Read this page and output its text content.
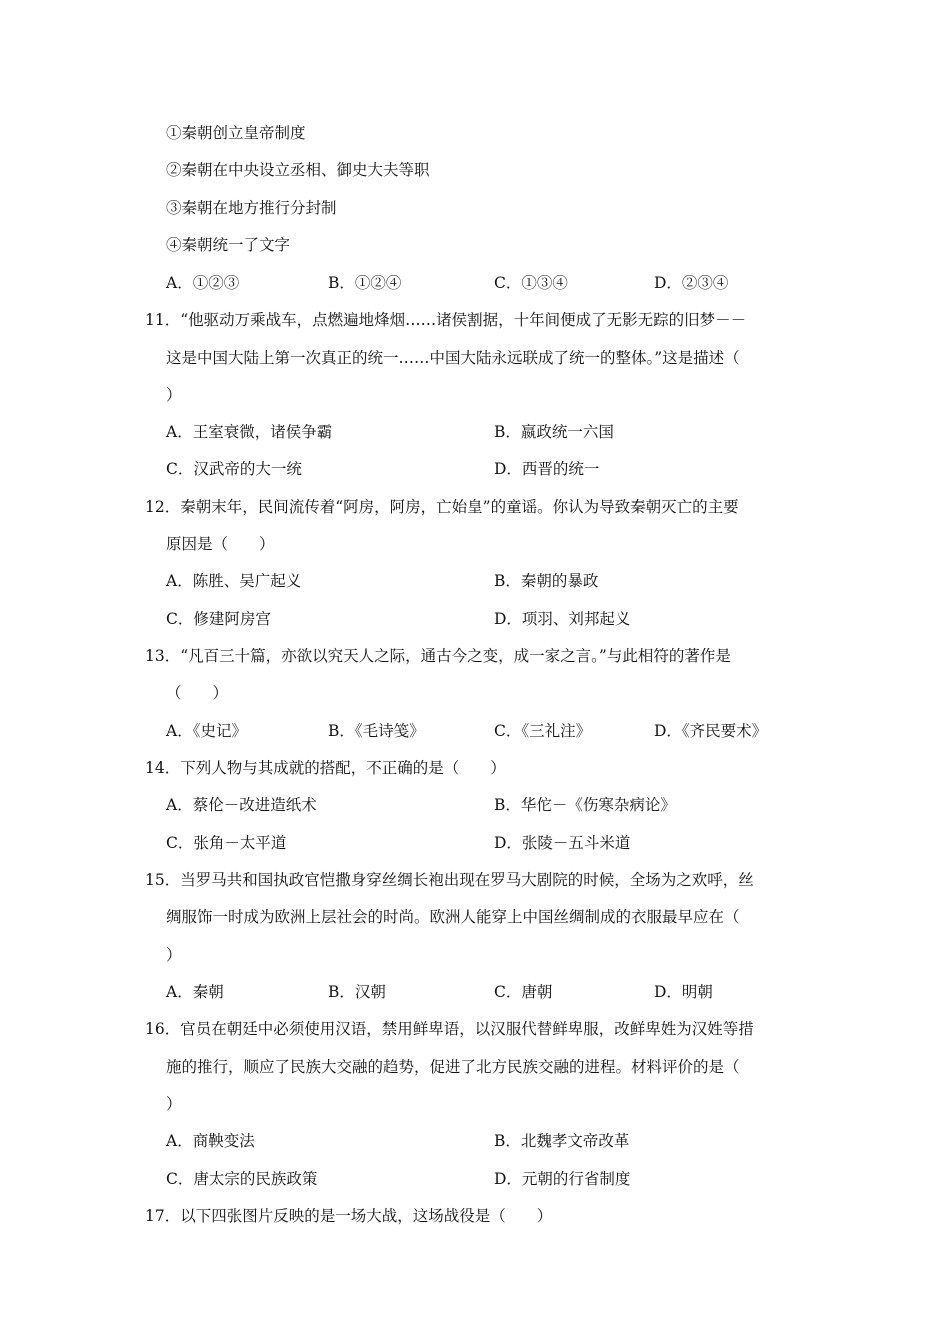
①秦朝创立皇帝制度
②秦朝在中央设立丞相、御史大夫等职
③秦朝在地方推行分封制
④秦朝统一了文字
A．①②③	B．①②④	C．①③④	D．②③④
11．“他驱动万乘战车，点燃遍地烽烟……诸侯割据，十年间便成了无影无踪的旧梦－－
这是中国大陆上第一次真正的统一……中国大陆永远联成了统一的整体。”这是描述（
）
A．王室衰微，诸侯争霸	B．嬴政统一六国
C．汉武帝的大一统	D．西晋的统一
12．秦朝末年，民间流传着“阿房，阿房，亡始皇”的童谣。你认为导致秦朝灭亡的主要
原因是（　　）
A．陈胜、吴广起义	B．秦朝的暴政
C．修建阿房宫	D．项羽、刘邦起义
13．“凡百三十篇，亦欲以究天人之际，通古今之变，成一家之言。”与此相符的著作是
（　　）
A．《史记》	B．《毛诗笺》	C．《三礼注》	D．《齐民要术》
14．下列人物与其成就的搭配，不正确的是（　　）
A．蔡伦－改进造纸术	B．华佗－《伤寒杂病论》
C．张角－太平道	D．张陵－五斗米道
15．当罗马共和国执政官恺撒身穿丝绸长袍出现在罗马大剧院的时候，全场为之欢呼，丝
绸服饰一时成为欧洲上层社会的时尚。欧洲人能穿上中国丝绸制成的衣服最早应在（
）
A．秦朝	B．汉朝	C．唐朝	D．明朝
16．官员在朝廷中必须使用汉语，禁用鲜卑语，以汉服代替鲜卑服，改鲜卑姓为汉姓等措
施的推行，顺应了民族大交融的趋势，促进了北方民族交融的进程。材料评价的是（
）
A．商鞅变法	B．北魏孝文帝改革
C．唐太宗的民族政策	D．元朝的行省制度
17．以下四张图片反映的是一场大战，这场战役是（　　）
